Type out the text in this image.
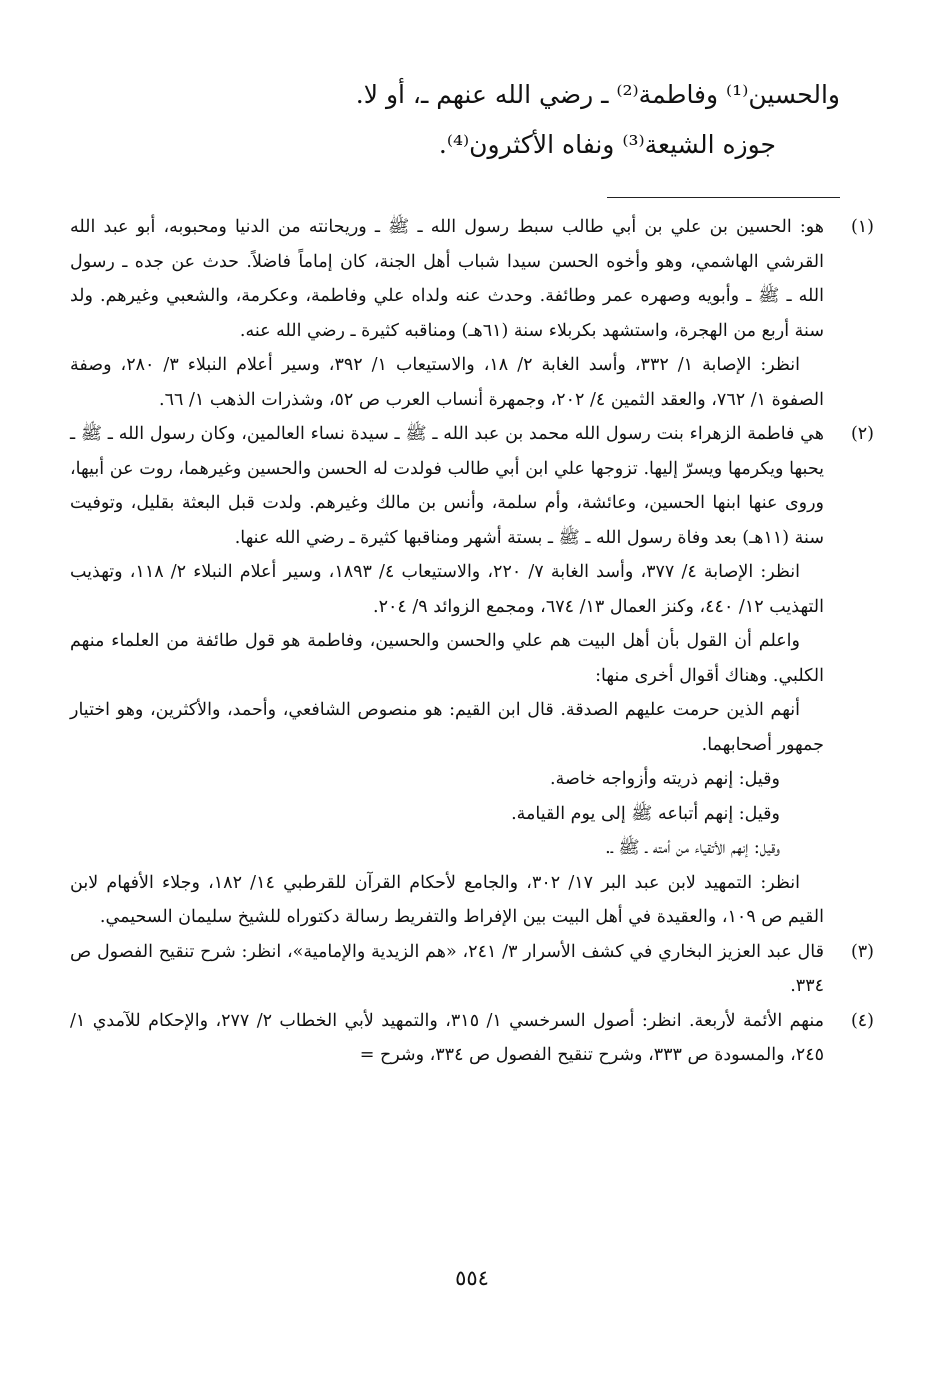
والحسين⁽¹⁾ وفاطمة⁽²⁾ ـ رضي الله عنهم ـ، أو لا.

جوزه الشيعة⁽³⁾ ونفاه الأكثرون⁽⁴⁾.

(١)

هو: الحسين بن علي بن أبي طالب سبط رسول الله ـ ﷺ ـ وريحانته من الدنيا ومحبوبه، أبو عبد الله القرشي الهاشمي، وهو وأخوه الحسن سيدا شباب أهل الجنة، كان إماماً فاضلاً. حدث عن جده ـ رسول الله ـ ﷺ ـ وأبويه وصهره عمر وطائفة. وحدث عنه ولداه علي وفاطمة، وعكرمة، والشعبي وغيرهم. ولد سنة أربع من الهجرة، واستشهد بكربلاء سنة (٦١هـ) ومناقبه كثيرة ـ رضي الله عنه.

انظر: الإصابة ١/ ٣٣٢، وأسد الغابة ٢/ ١٨، والاستيعاب ١/ ٣٩٢، وسير أعلام النبلاء ٣/ ٢٨٠، وصفة الصفوة ١/ ٧٦٢، والعقد الثمين ٤/ ٢٠٢، وجمهرة أنساب العرب ص ٥٢، وشذرات الذهب ١/ ٦٦.

(٢)

هي فاطمة الزهراء بنت رسول الله محمد بن عبد الله ـ ﷺ ـ سيدة نساء العالمين، وكان رسول الله ـ ﷺ ـ يحبها ويكرمها ويسرّ إليها. تزوجها علي ابن أبي طالب فولدت له الحسن والحسين وغيرهما، روت عن أبيها، وروى عنها ابنها الحسين، وعائشة، وأم سلمة، وأنس بن مالك وغيرهم. ولدت قبل البعثة بقليل، وتوفيت سنة (١١هـ) بعد وفاة رسول الله ـ ﷺ ـ بستة أشهر ومناقبها كثيرة ـ رضي الله عنها.

انظر: الإصابة ٤/ ٣٧٧، وأسد الغابة ٧/ ٢٢٠، والاستيعاب ٤/ ١٨٩٣، وسير أعلام النبلاء ٢/ ١١٨، وتهذيب التهذيب ١٢/ ٤٤٠، وكنز العمال ١٣/ ٦٧٤، ومجمع الزوائد ٩/ ٢٠٤.

واعلم أن القول بأن أهل البيت هم علي والحسن والحسين، وفاطمة هو قول طائفة من العلماء منهم الكلبي. وهناك أقوال أخرى منها:

أنهم الذين حرمت عليهم الصدقة. قال ابن القيم: هو منصوص الشافعي، وأحمد، والأكثرين، وهو اختيار جمهور أصحابهما.

وقيل: إنهم ذريته وأزواجه خاصة.

وقيل: إنهم أتباعه ﷺ إلى يوم القيامة.

وقيل: إنهم الأتقياء من أمته ـ ﷺ ـ.

انظر: التمهيد لابن عبد البر ١٧/ ٣٠٢، والجامع لأحكام القرآن للقرطبي ١٤/ ١٨٢، وجلاء الأفهام لابن القيم ص ١٠٩، والعقيدة في أهل البيت بين الإفراط والتفريط رسالة دكتوراه للشيخ سليمان السحيمي.

(٣)

قال عبد العزيز البخاري في كشف الأسرار ٣/ ٢٤١، «هم الزيدية والإمامية»، انظر: شرح تنقيح الفصول ص ٣٣٤.

(٤)

منهم الأئمة لأربعة. انظر: أصول السرخسي ١/ ٣١٥، والتمهيد لأبي الخطاب ٢/ ٢٧٧، والإحكام للآمدي ١/ ٢٤٥، والمسودة ص ٣٣٣، وشرح تنقيح الفصول ص ٣٣٤، وشرح =

٥٥٤
